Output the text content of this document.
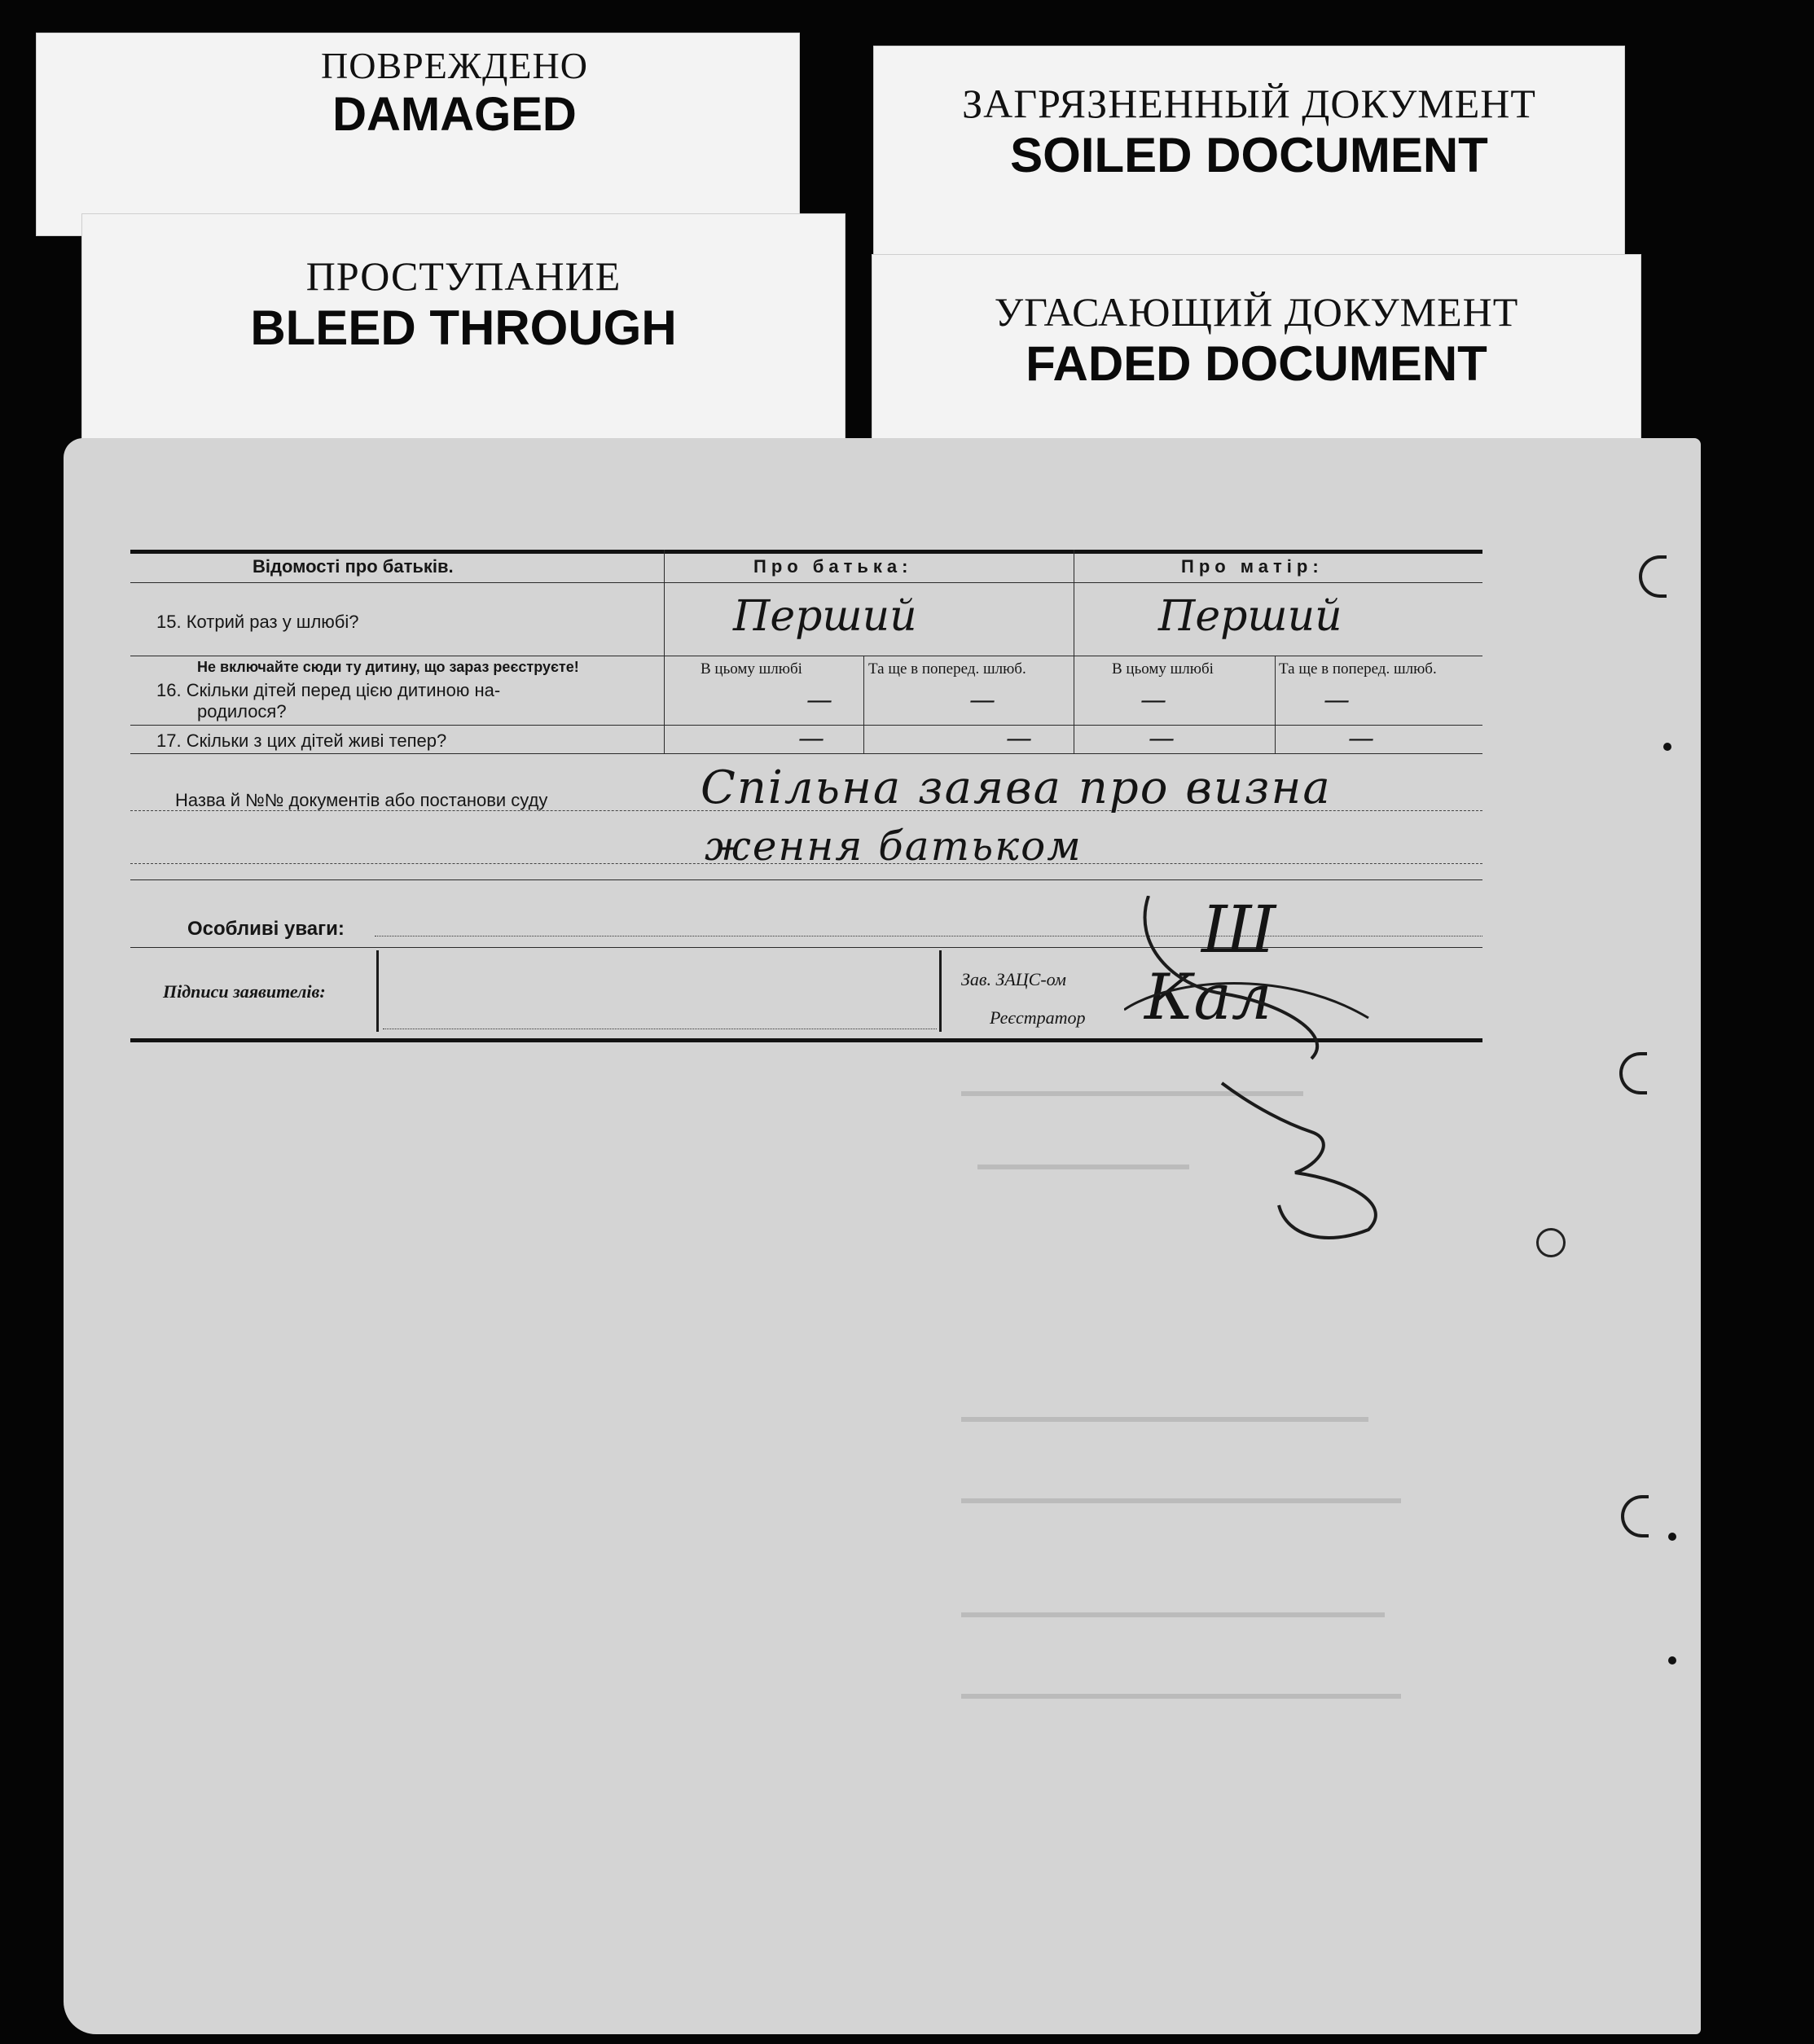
ПОВРЕЖДЕНО
DAMAGED	ЗАГРЯЗНЕННЫЙ ДОКУМЕНТ
SOILED DOCUMENT
ПРОСТУПАНИЕ
BLEED THROUGH	УГАСАЮЩИЙ ДОКУМЕНТ
FADED DOCUMENT
Відомості про батьків.	Про батька:	Про матір:
15. Котрий раз у шлюбі?	Перший	Перший
Не включайте сюди ту дитину, що зараз реєструєте!
16. Скільки дітей перед цією дитиною на-
родилося?
В цьому шлюбі	Та ще в поперед. шлюб.	В цьому шлюбі	Та ще в поперед. шлюб.
—	—	—	—
17. Скільки з цих дітей живі тепер?	—	—	—	—
Назва й №№ документів або постанови суду	Спільна заява про визна
ження батьком
Особливі уваги:
Підписи заявителів:
Зав. ЗАЦС-ом
Реєстратор
Ш
Кал
